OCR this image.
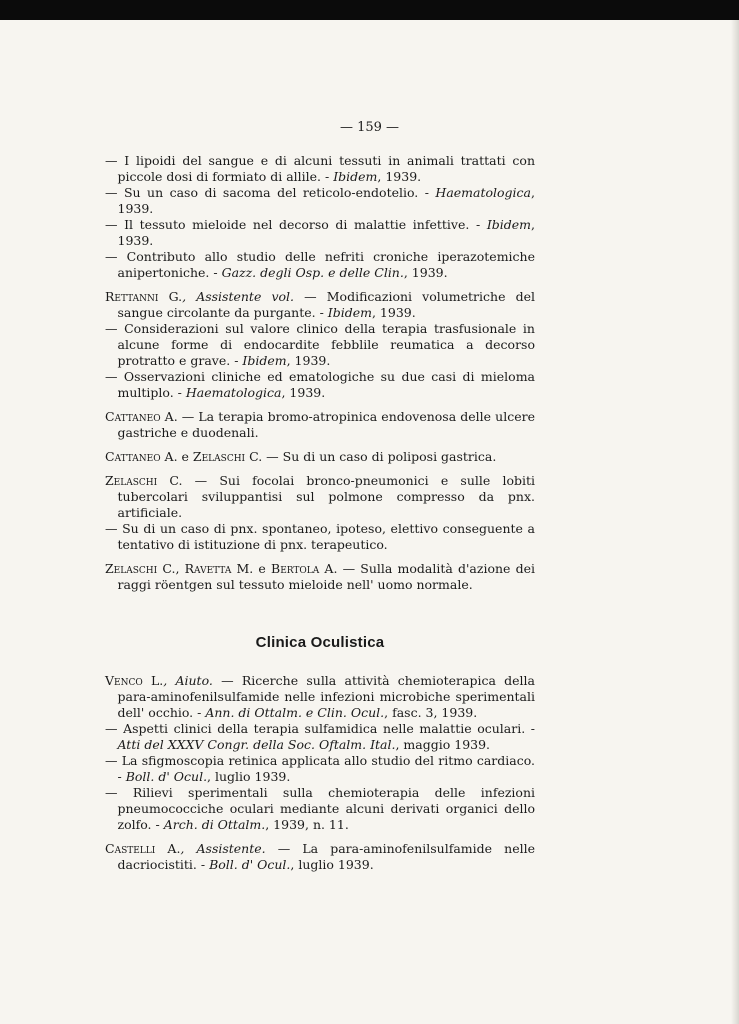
— 159 —

— I lipoidi del sangue e di alcuni tessuti in animali trattati con piccole dosi di formiato di allile. - Ibidem, 1939.

— Su un caso di sacoma del reticolo-endotelio. - Haematologica, 1939.

— Il tessuto mieloide nel decorso di malattie infettive. - Ibidem, 1939.

— Contributo allo studio delle nefriti croniche iperazotemiche anipertoniche. - Gazz. degli Osp. e delle Clin., 1939.

Rettanni G., Assistente vol. — Modificazioni volumetriche del sangue circolante da purgante. - Ibidem, 1939.

— Considerazioni sul valore clinico della terapia trasfusionale in alcune forme di endocardite febblile reumatica a decorso protratto e grave. - Ibidem, 1939.

— Osservazioni cliniche ed ematologiche su due casi di mieloma multiplo. - Haematologica, 1939.

Cattaneo A. — La terapia bromo-atropinica endovenosa delle ulcere gastriche e duodenali.

Cattaneo A. e Zelaschi C. — Su di un caso di poliposi gastrica.

Zelaschi C. — Sui focolai bronco-pneumonici e sulle lobiti tubercolari sviluppantisi sul polmone compresso da pnx. artificiale.

— Su di un caso di pnx. spontaneo, ipoteso, elettivo conseguente a tentativo di istituzione di pnx. terapeutico.

Zelaschi C., Ravetta M. e Bertola A. — Sulla modalità d'azione dei raggi röentgen sul tessuto mieloide nell' uomo normale.

Clinica Oculistica

Venco L., Aiuto. — Ricerche sulla attività chemioterapica della para-aminofenilsulfamide nelle infezioni microbiche sperimentali dell' occhio. - Ann. di Ottalm. e Clin. Ocul., fasc. 3, 1939.

— Aspetti clinici della terapia sulfamidica nelle malattie oculari. - Atti del XXXV Congr. della Soc. Oftalm. Ital., maggio 1939.

— La sfigmoscopia retinica applicata allo studio del ritmo cardiaco. - Boll. d' Ocul., luglio 1939.

— Rilievi sperimentali sulla chemioterapia delle infezioni pneumococciche oculari mediante alcuni derivati organici dello zolfo. - Arch. di Ottalm., 1939, n. 11.

Castelli A., Assistente. — La para-aminofenilsulfamide nelle dacriocistiti. - Boll. d' Ocul., luglio 1939.
